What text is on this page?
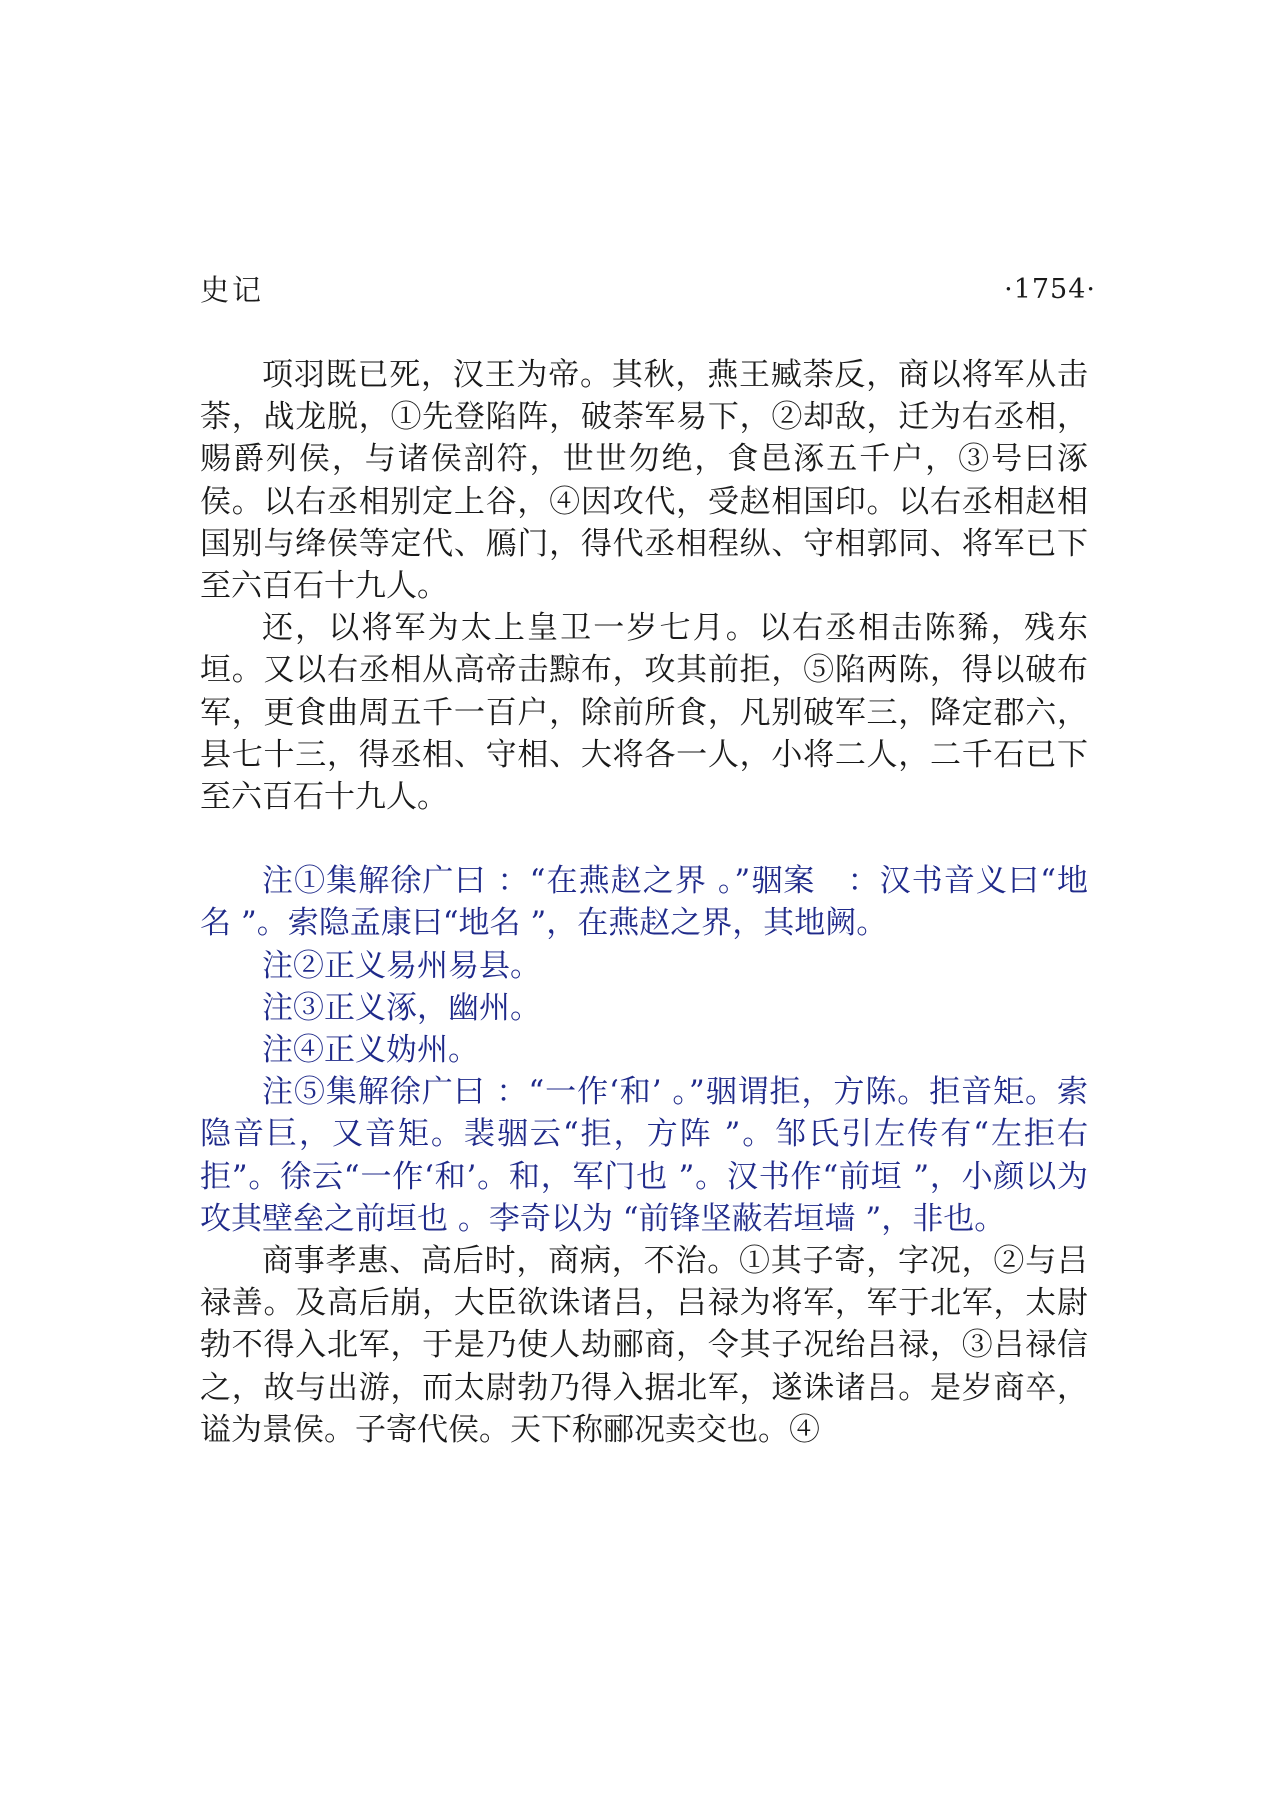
史记	·1754·

项羽既已死，汉王为帝。其秋，燕王臧荼反，商以将军从击荼，战龙脱，①先登陷阵，破荼军易下，②却敌，迁为右丞相，赐爵列侯，与诸侯剖符，世世勿绝，食邑涿五千户，③号曰涿侯。以右丞相别定上谷，④因攻代，受赵相国印。以右丞相赵相国别与绛侯等定代、鴈门，得代丞相程纵、守相郭同、将军已下至六百石十九人。

还，以将军为太上皇卫一岁七月。以右丞相击陈豨，残东垣。又以右丞相从高帝击黥布，攻其前拒，⑤陷两陈，得以破布军，更食曲周五千一百户，除前所食，凡别破军三，降定郡六，县七十三，得丞相、守相、大将各一人，小将二人，二千石已下至六百石十九人。

注①集解徐广曰 ：“在燕赵之界 。”骃案　：汉书音义曰“地名 ”。索隐孟康曰“地名 ”，在燕赵之界，其地阙。

注②正义易州易县。

注③正义涿，幽州。

注④正义妫州。

注⑤集解徐广曰 ：“一作‘和’ 。”骃谓拒，方陈。拒音矩。索隐音巨，又音矩。裴骃云“拒，方阵 ”。邹氏引左传有“左拒右拒”。徐云“一作‘和’。和，军门也 ”。汉书作“前垣 ”，小颜以为攻其壁垒之前垣也 。李奇以为 “前锋坚蔽若垣墙 ”，非也。

商事孝惠、高后时，商病，不治。①其子寄，字况，②与吕禄善。及高后崩，大臣欲诛诸吕，吕禄为将军，军于北军，太尉勃不得入北军，于是乃使人劫郦商，令其子况绐吕禄，③吕禄信之，故与出游，而太尉勃乃得入据北军，遂诛诸吕。是岁商卒，谥为景侯。子寄代侯。天下称郦况卖交也。④
